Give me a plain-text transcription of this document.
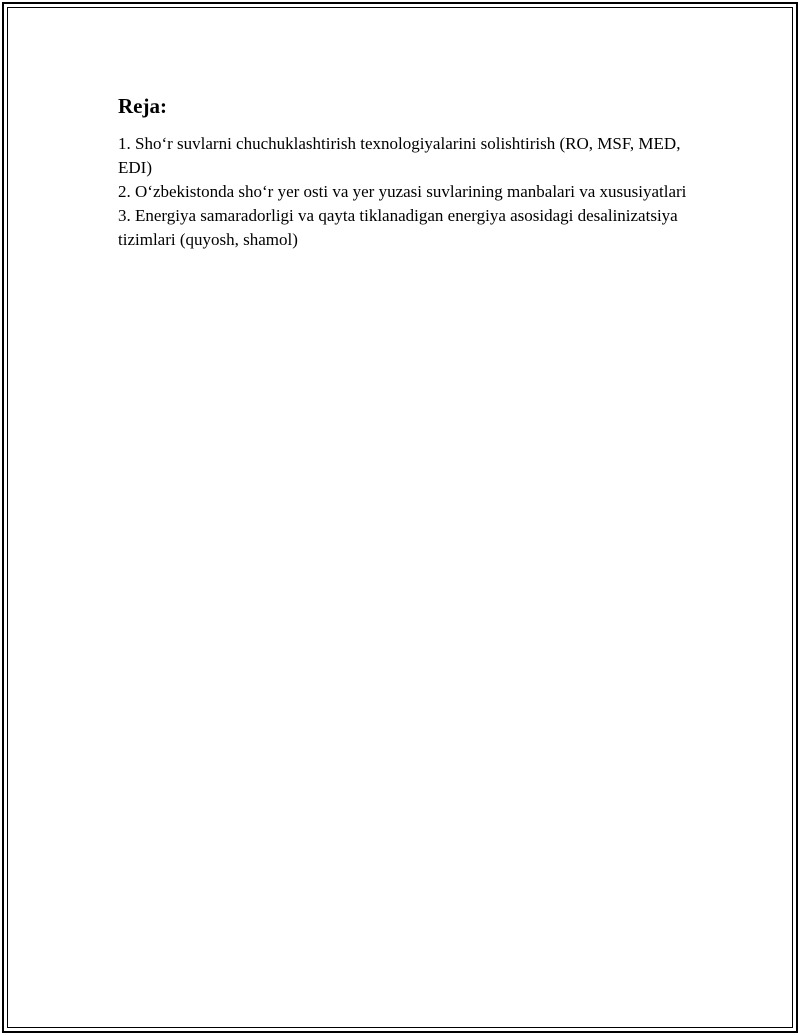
Reja:
1. Sho‘r suvlarni chuchuklashtirish texnologiyalarini solishtirish (RO, MSF, MED, EDI)
2. O‘zbekistonda sho‘r yer osti va yer yuzasi suvlarining manbalari va xususiyatlari
3. Energiya samaradorligi va qayta tiklanadigan energiya asosidagi desalinizatsiya tizimlari (quyosh, shamol)
